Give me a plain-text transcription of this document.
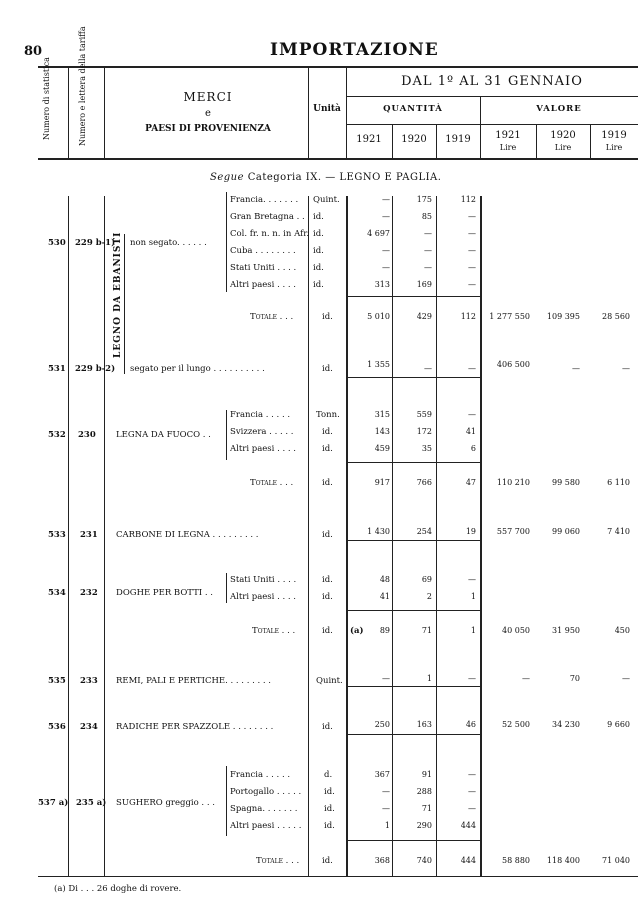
80	IMPORTAZIONE
Numero di statistica	Numero e lettera della tariffa	MERCI
e
PAESI DI PROVENIENZA
Unità
DAL 1º AL 31 GENNAIO
QUANTITÀ	VALORE
1921	1920	1919	1921
Lire
1920
Lire
1919
Lire
Segue Categoria IX. — LEGNO E PAGLIA.
LEGNO DA EBANISTI
530 229 b-1) non segato. . . . . .
Francia. . . . . . . Quint.	—	175	112
Gran Bretagna . . id.	—	85	—
Col. fr. n. n. in Afr. id.	4 697	—	—
Cuba . . . . . . . . id.	—	—	—
Stati Uniti . . . . id.	—	—	—
Altri paesi . . . . id.	313	169	—
Totale . . .	id.	5 010	429	112	1 277 550	109 395	28 560
531 229 b-2) segato per il lungo . . . . . . . . . .	id.	1 355	—	—	406 500	—	—
532 230 LEGNA DA FUOCO . .
Francia . . . . .	Tonn.	315	559	—
Svizzera . . . . .	id.	143	172	41
Altri paesi . . . .	id.	459	35	6
Totale . . .	id.	917	766	47	110 210	99 580	6 110
533 231 CARBONE DI LEGNA . . . . . . . . .	id.	1 430	254	19	557 700	99 060	7 410
534 232 DOGHE PER BOTTI . .
Stati Uniti . . . .	id.	48	69	—
Altri paesi . . . .	id.	41	2	1
Totale . . .	id. (a)	89	71	1	40 050	31 950	450
535 233 REMI, PALI E PERTICHE. . . . . . . . .	Quint.	—	1	—	—	70	—
536 234 RADICHE PER SPAZZOLE . . . . . . . .	id.	250	163	46	52 500	34 230	9 660
537 a) 235 a) SUGHERO greggio . . .
Francia . . . . .	d.	367	91	—
Portogallo . . . . .	id.	—	288	—
Spagna. . . . . . .	id.	—	71	—
Altri paesi . . . . .	id.	1	290	444
Totale . . .	id.	368	740	444	58 880	118 400	71 040
(a) Di . . . 26 doghe di rovere.
